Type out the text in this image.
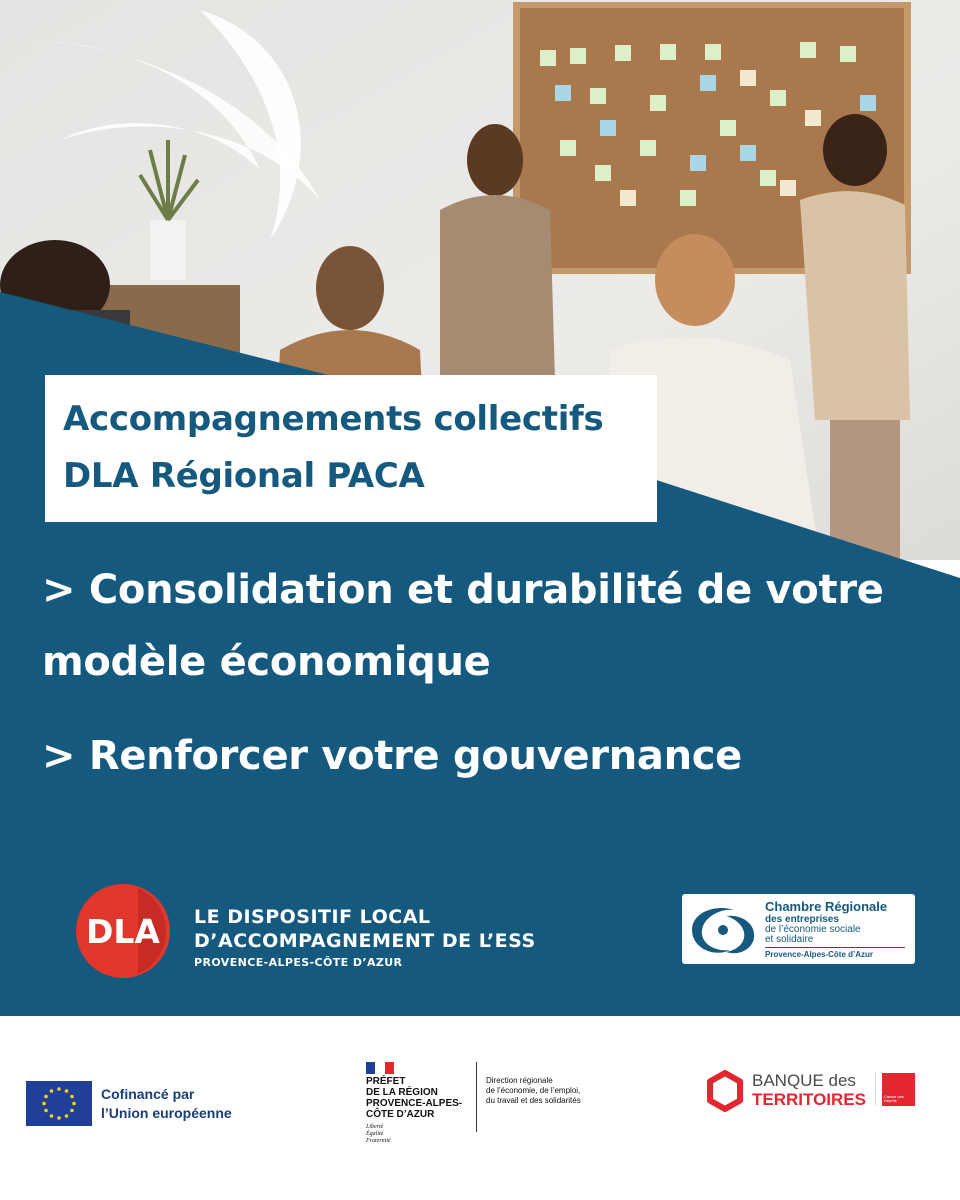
Accompagnements collectifs
DLA Régional PACA
> Consolidation et durabilité de votre modèle économique
> Renforcer votre gouvernance
DLA LE DISPOSITIF LOCAL
D’ACCOMPAGNEMENT DE L’ESS
PROVENCE-ALPES-CÔTE D’AZUR
Chambre Régionale
des entreprises
de l’économie sociale
et solidaire
Provence-Alpes-Côte d’Azur
Cofinancé par
l’Union européenne
PRÉFET
DE LA RÉGION
PROVENCE-ALPES-
CÔTE D’AZUR
Liberté
Égalité
Fraternité
Direction régionale
de l’économie, de l’emploi,
du travail et des solidarités
BANQUE des
TERRITOIRES	Caisse des Dépôts
